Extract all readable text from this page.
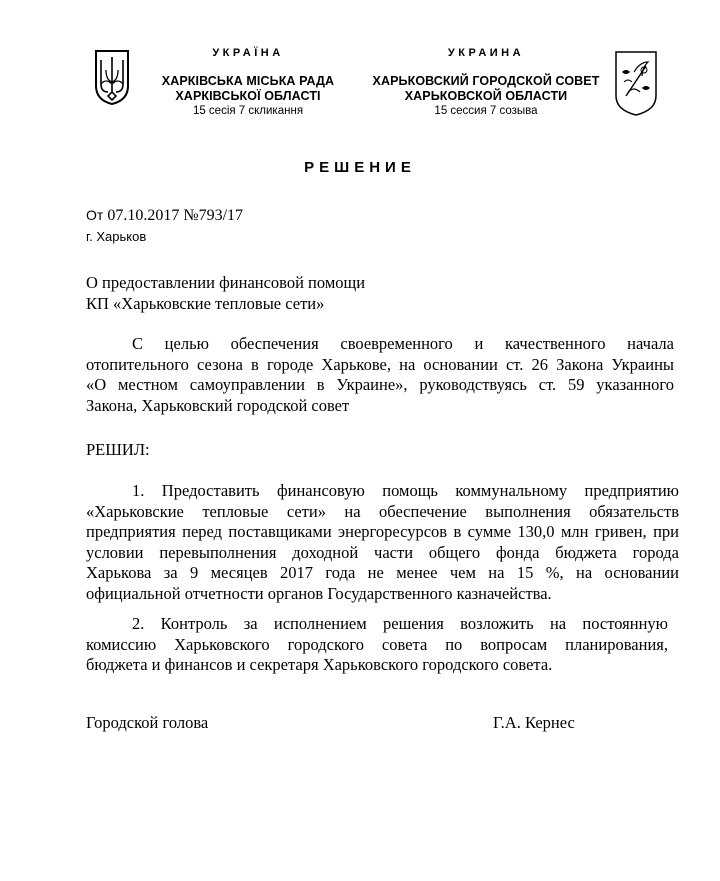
УКРАЇНА
ХАРКІВСЬКА МІСЬКА РАДА
ХАРКІВСЬКОЇ ОБЛАСТІ
15 сесія 7 скликання
УКРАИНА
ХАРЬКОВСКИЙ ГОРОДСКОЙ СОВЕТ
ХАРЬКОВСКОЙ ОБЛАСТИ
15 сессия 7 созыва
РЕШЕНИЕ
От 07.10.2017 №793/17
г. Харьков
О предоставлении финансовой помощи
КП «Харьковские тепловые сети»
С целью обеспечения своевременного и качественного начала
отопительного сезона в городе Харькове, на основании ст. 26 Закона Украины
«О местном самоуправлении в Украине», руководствуясь ст. 59 указанного
Закона, Харьковский городской совет
РЕШИЛ:
1. Предоставить финансовую помощь коммунальному предприятию
«Харьковские тепловые сети» на обеспечение выполнения обязательств
предприятия перед поставщиками энергоресурсов в сумме 130,0 млн гривен, при
условии перевыполнения доходной части общего фонда бюджета города
Харькова за 9 месяцев 2017 года не менее чем на 15 %, на основании
официальной отчетности органов Государственного казначейства.
2. Контроль за исполнением решения возложить на постоянную
комиссию Харьковского городского совета по вопросам планирования,
бюджета и финансов и секретаря Харьковского городского совета.
Городской голова	Г.А. Кернес
